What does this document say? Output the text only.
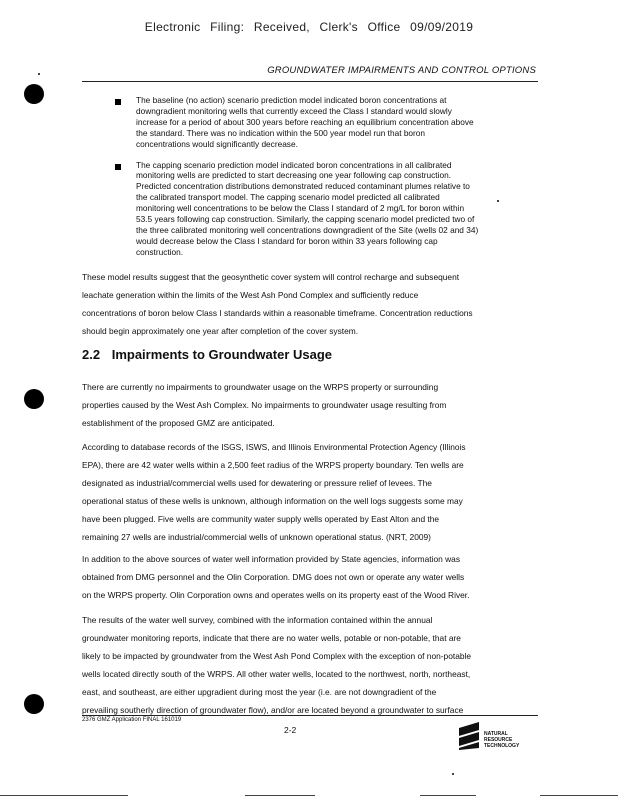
Electronic Filing: Received, Clerk's Office 09/09/2019
GROUNDWATER IMPAIRMENTS AND CONTROL OPTIONS
The baseline (no action) scenario prediction model indicated boron concentrations at
downgradient monitoring wells that currently exceed the Class I standard would slowly
increase for a period of about 300 years before reaching an equilibrium concentration above
the standard. There was no indication within the 500 year model run that boron
concentrations would significantly decrease.
The capping scenario prediction model indicated boron concentrations in all calibrated
monitoring wells are predicted to start decreasing one year following cap construction.
Predicted concentration distributions demonstrated reduced contaminant plumes relative to
the calibrated transport model. The capping scenario model predicted all calibrated
monitoring well concentrations to be below the Class I standard of 2 mg/L for boron within
53.5 years following cap construction. Similarly, the capping scenario model predicted two of
the three calibrated monitoring well concentrations downgradient of the Site (wells 02 and 34)
would decrease below the Class I standard for boron within 33 years following cap
construction.
These model results suggest that the geosynthetic cover system will control recharge and subsequent
leachate generation within the limits of the West Ash Pond Complex and sufficiently reduce
concentrations of boron below Class I standards within a reasonable timeframe. Concentration reductions
should begin approximately one year after completion of the cover system.
2.2 Impairments to Groundwater Usage
There are currently no impairments to groundwater usage on the WRPS property or surrounding
properties caused by the West Ash Complex. No impairments to groundwater usage resulting from
establishment of the proposed GMZ are anticipated.
According to database records of the ISGS, ISWS, and Illinois Environmental Protection Agency (Illinois
EPA), there are 42 water wells within a 2,500 feet radius of the WRPS property boundary. Ten wells are
designated as industrial/commercial wells used for dewatering or pressure relief of levees. The
operational status of these wells is unknown, although information on the well logs suggests some may
have been plugged. Five wells are community water supply wells operated by East Alton and the
remaining 27 wells are industrial/commercial wells of unknown operational status. (NRT, 2009)
In addition to the above sources of water well information provided by State agencies, information was
obtained from DMG personnel and the Olin Corporation. DMG does not own or operate any water wells
on the WRPS property. Olin Corporation owns and operates wells on its property east of the Wood River.
The results of the water well survey, combined with the information contained within the annual
groundwater monitoring reports, indicate that there are no water wells, potable or non-potable, that are
likely to be impacted by groundwater from the West Ash Pond Complex with the exception of non-potable
wells located directly south of the WRPS. All other water wells, located to the northwest, north, northeast,
east, and southeast, are either upgradient during most the year (i.e. are not downgradient of the
prevailing southerly direction of groundwater flow), and/or are located beyond a groundwater to surface
2376 GMZ Application FINAL 161019
2-2	NATURAL
RESOURCE
TECHNOLOGY
